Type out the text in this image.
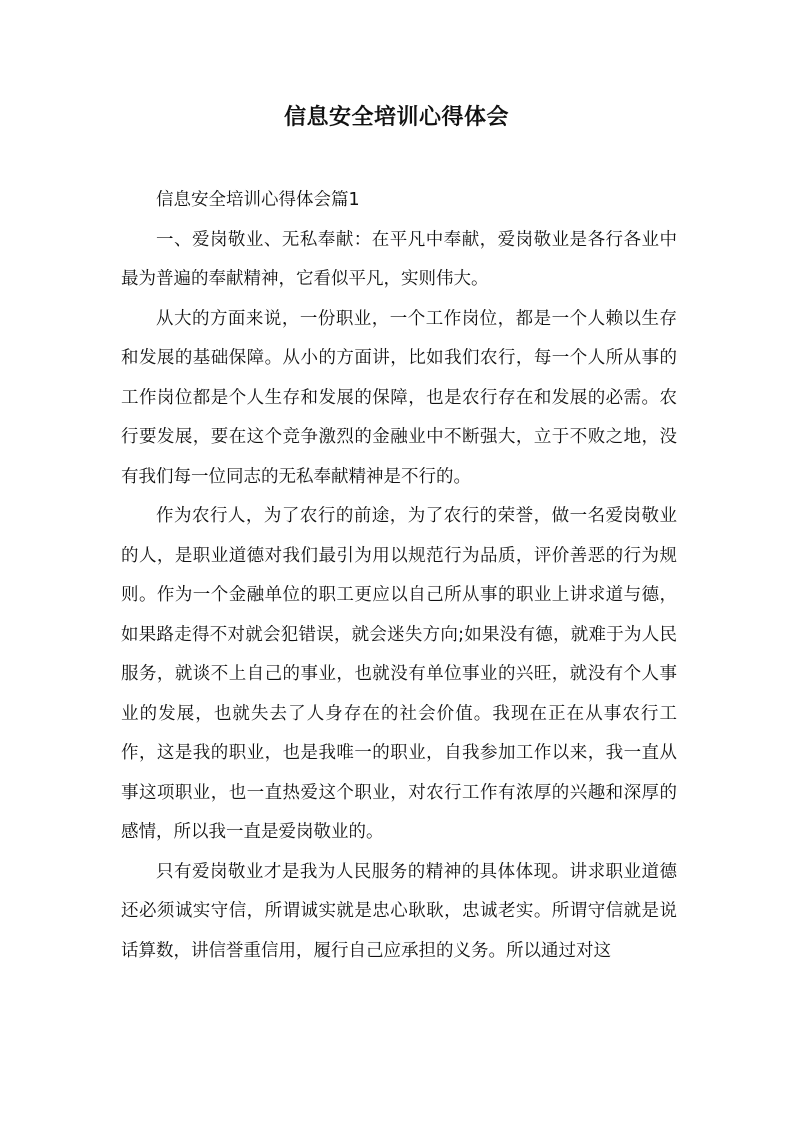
信息安全培训心得体会

信息安全培训心得体会篇1

一、爱岗敬业、无私奉献：在平凡中奉献，爱岗敬业是各行各业中最为普遍的奉献精神，它看似平凡，实则伟大。

从大的方面来说，一份职业，一个工作岗位，都是一个人赖以生存和发展的基础保障。从小的方面讲，比如我们农行，每一个人所从事的工作岗位都是个人生存和发展的保障，也是农行存在和发展的必需。农行要发展，要在这个竞争激烈的金融业中不断强大，立于不败之地，没有我们每一位同志的无私奉献精神是不行的。

作为农行人，为了农行的前途，为了农行的荣誉，做一名爱岗敬业的人，是职业道德对我们最引为用以规范行为品质，评价善恶的行为规则。作为一个金融单位的职工更应以自己所从事的职业上讲求道与德，如果路走得不对就会犯错误，就会迷失方向;如果没有德，就难于为人民服务，就谈不上自己的事业，也就没有单位事业的兴旺，就没有个人事业的发展，也就失去了人身存在的社会价值。我现在正在从事农行工作，这是我的职业，也是我唯一的职业，自我参加工作以来，我一直从事这项职业，也一直热爱这个职业，对农行工作有浓厚的兴趣和深厚的感情，所以我一直是爱岗敬业的。

只有爱岗敬业才是我为人民服务的精神的具体体现。讲求职业道德还必须诚实守信，所谓诚实就是忠心耿耿，忠诚老实。所谓守信就是说话算数，讲信誉重信用，履行自己应承担的义务。所以通过对这
